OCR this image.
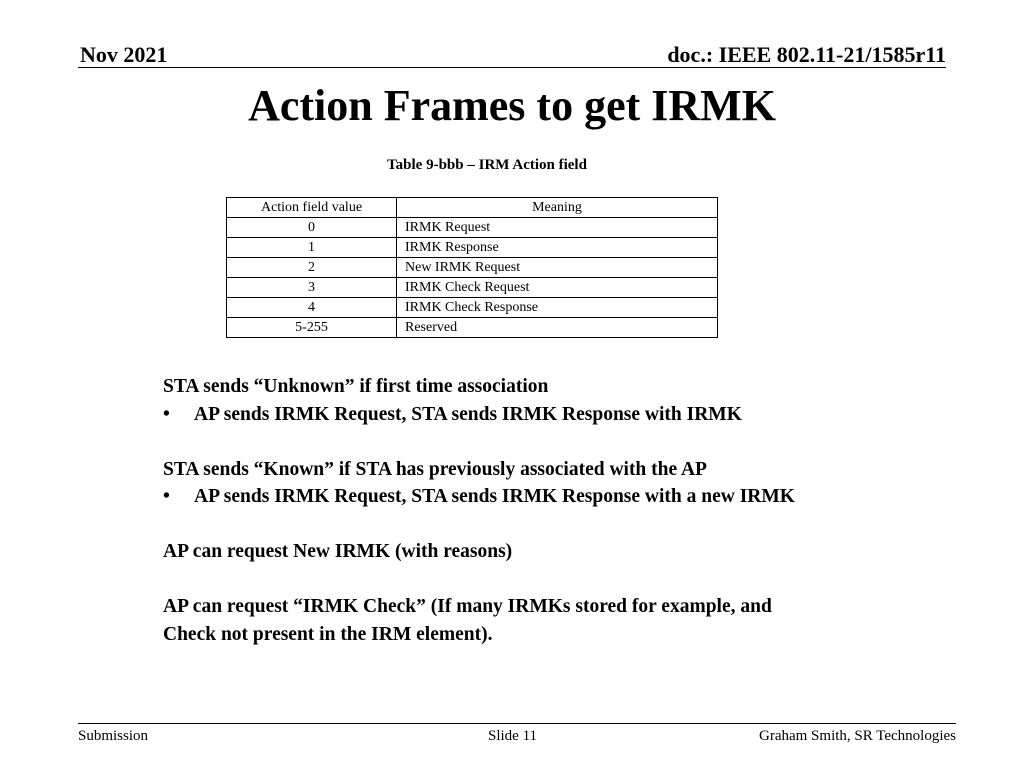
Nov 2021	doc.: IEEE 802.11-21/1585r11
Action Frames to get IRMK
Table 9-bbb – IRM Action field
Action field value	Meaning
0	IRMK Request
1	IRMK Response
2	New IRMK Request
3	IRMK Check Request
4	IRMK Check Response
5-255	Reserved

STA sends “Unknown” if first time association

• AP sends IRMK Request, STA sends IRMK Response with IRMK

STA sends “Known” if STA has previously associated with the AP

• AP sends IRMK Request, STA sends IRMK Response with a new IRMK

AP can request New IRMK (with reasons)

AP can request “IRMK Check” (If many IRMKs stored for example, and

Check not present in the IRM element).

Submission	Slide 11	Graham Smith, SR Technologies
